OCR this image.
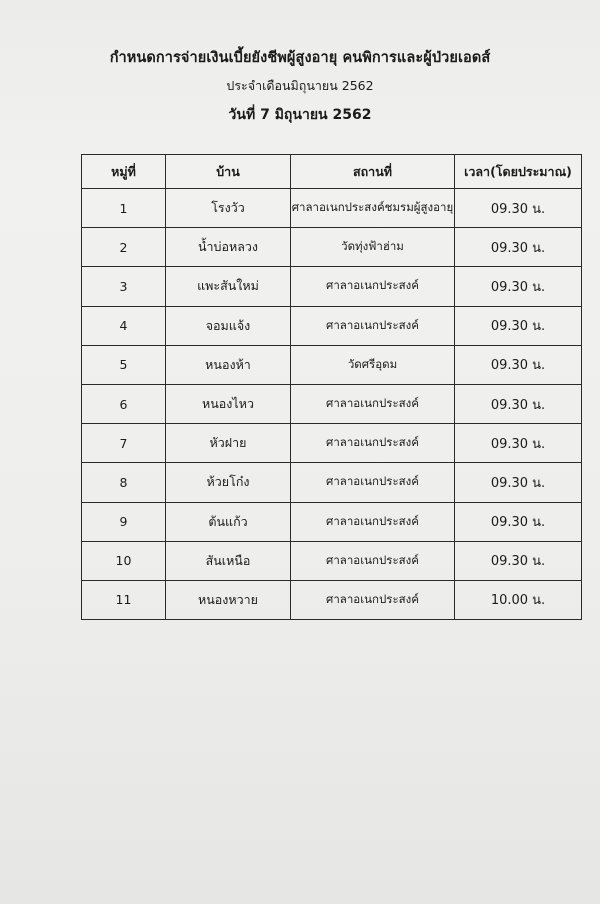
กำหนดการจ่ายเงินเบี้ยยังชีพผู้สูงอายุ คนพิการและผู้ป่วยเอดส์
ประจำเดือนมิถุนายน 2562
วันที่ 7 มิถุนายน 2562
หมู่ที่	บ้าน	สถานที่	เวลา(โดยประมาณ)
1	โรงวัว	ศาลาอเนกประสงค์ชมรมผู้สูงอายุ	09.30 น.
2	น้ำบ่อหลวง	วัดทุ่งฟ้าฮ่าม	09.30 น.
3	แพะสันใหม่	ศาลาอเนกประสงค์	09.30 น.
4	จอมแจ้ง	ศาลาอเนกประสงค์	09.30 น.
5	หนองห้า	วัดศรีอุดม	09.30 น.
6	หนองไหว	ศาลาอเนกประสงค์	09.30 น.
7	หัวฝาย	ศาลาอเนกประสงค์	09.30 น.
8	ห้วยโก๋ง	ศาลาอเนกประสงค์	09.30 น.
9	ต้นแก้ว	ศาลาอเนกประสงค์	09.30 น.
10	สันเหนือ	ศาลาอเนกประสงค์	09.30 น.
11	หนองหวาย	ศาลาอเนกประสงค์	10.00 น.
